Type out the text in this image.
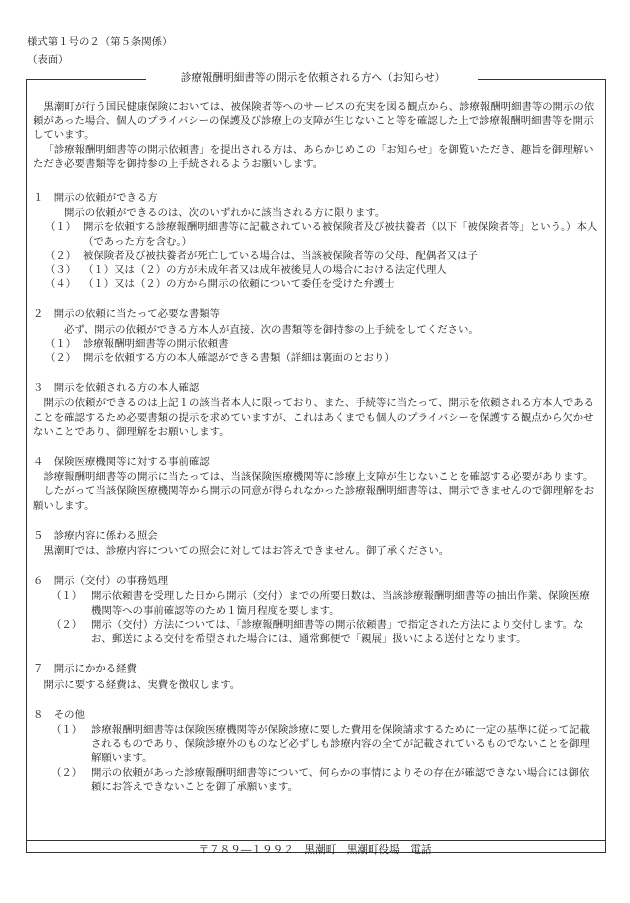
様式第１号の２（第５条関係）
（表面）
診療報酬明細書等の開示を依頼される方へ（お知らせ）

黒潮町が行う国民健康保険においては、被保険者等へのサービスの充実を図る観点から、診療報酬明細書等の開示の依頼があった場合、個人のプライバシーの保護及び診療上の支障が生じないこと等を確認した上で診療報酬明細書等を開示しています。

「診療報酬明細書等の開示依頼書」を提出される方は、あらかじめこの「お知らせ」を御覧いただき、趣旨を御理解いただき必要書類等を御持参の上手続されるようお願いします。

１　開示の依頼ができる方

開示の依頼ができるのは、次のいずれかに該当される方に限ります。

（１） 開示を依頼する診療報酬明細書等に記載されている被保険者及び被扶養者（以下「被保険者等」という。）本人（であった方を含む。）
（２） 被保険者及び被扶養者が死亡している場合は、当該被保険者等の父母、配偶者又は子
（３） （１）又は（２）の方が未成年者又は成年被後見人の場合における法定代理人
（４） （１）又は（２）の方から開示の依頼について委任を受けた弁護士

２　開示の依頼に当たって必要な書類等

必ず、開示の依頼ができる方本人が直接、次の書類等を御持参の上手続をしてください。

（１） 診療報酬明細書等の開示依頼書
（２） 開示を依頼する方の本人確認ができる書類（詳細は裏面のとおり）

３　開示を依頼される方の本人確認

開示の依頼ができるのは上記１の該当者本人に限っており、また、手続等に当たって、開示を依頼される方本人であることを確認するため必要書類の提示を求めていますが、これはあくまでも個人のプライバシーを保護する観点から欠かせないことであり、御理解をお願いします。

４　保険医療機関等に対する事前確認

診療報酬明細書等の開示に当たっては、当該保険医療機関等に診療上支障が生じないことを確認する必要があります。

したがって当該保険医療機関等から開示の同意が得られなかった診療報酬明細書等は、開示できませんので御理解をお願いします。

５　診療内容に係わる照会

黒潮町では、診療内容についての照会に対してはお答えできません。御了承ください。

６　開示（交付）の事務処理

（１） 開示依頼書を受理した日から開示（交付）までの所要日数は、当該診療報酬明細書等の抽出作業、保険医療機関等への事前確認等のため１箇月程度を要します。
（２） 開示（交付）方法については、「診療報酬明細書等の開示依頼書」で指定された方法により交付します。なお、郵送による交付を希望された場合には、通常郵便で「親展」扱いによる送付となります。

７　開示にかかる経費

開示に要する経費は、実費を徴収します。

８　その他

（１） 診療報酬明細書等は保険医療機関等が保険診療に要した費用を保険請求するために一定の基準に従って記載されるものであり、保険診療外のものなど必ずしも診療内容の全てが記載されているものでないことを御理解願います。
（２） 開示の依頼があった診療報酬明細書等について、何らかの事情によりその存在が確認できない場合には御依頼にお答えできないことを御了承願います。
〒７８９―１９９２　黒潮町　黒潮町役場　電話
